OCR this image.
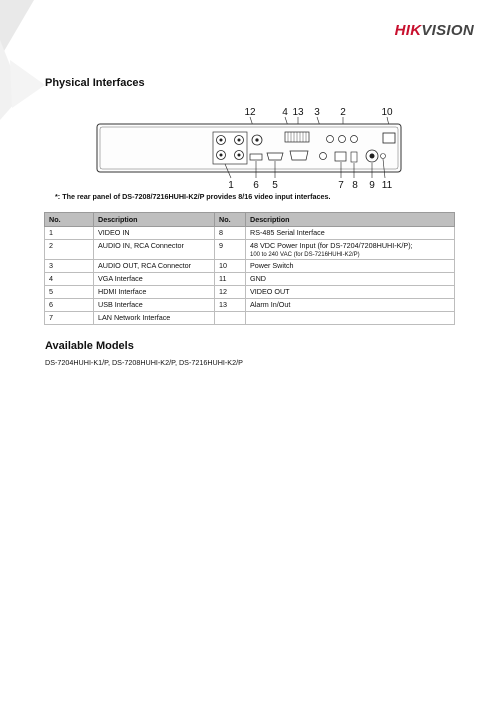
HIKVISION
Physical Interfaces
12	4 13 3 2	10
1 6 5	7 8 9 11
*: The rear panel of DS-7208/7216HUHI-K2/P provides 8/16 video input interfaces.
No.	Description	No.	Description
1	VIDEO IN	8	RS-485 Serial Interface
2	AUDIO IN, RCA Connector	9	48 VDC Power Input (for DS-7204/7208HUHI-K/P);
100 to 240 VAC (for DS-7216HUHI-K2/P)

3	AUDIO OUT, RCA Connector	10	Power Switch
4	VGA Interface	11	GND
5	HDMI Interface	12	VIDEO OUT
6	USB Interface	13	Alarm In/Out
7	LAN Network Interface		
Available Models
DS-7204HUHI-K1/P, DS-7208HUHI-K2/P, DS-7216HUHI-K2/P
